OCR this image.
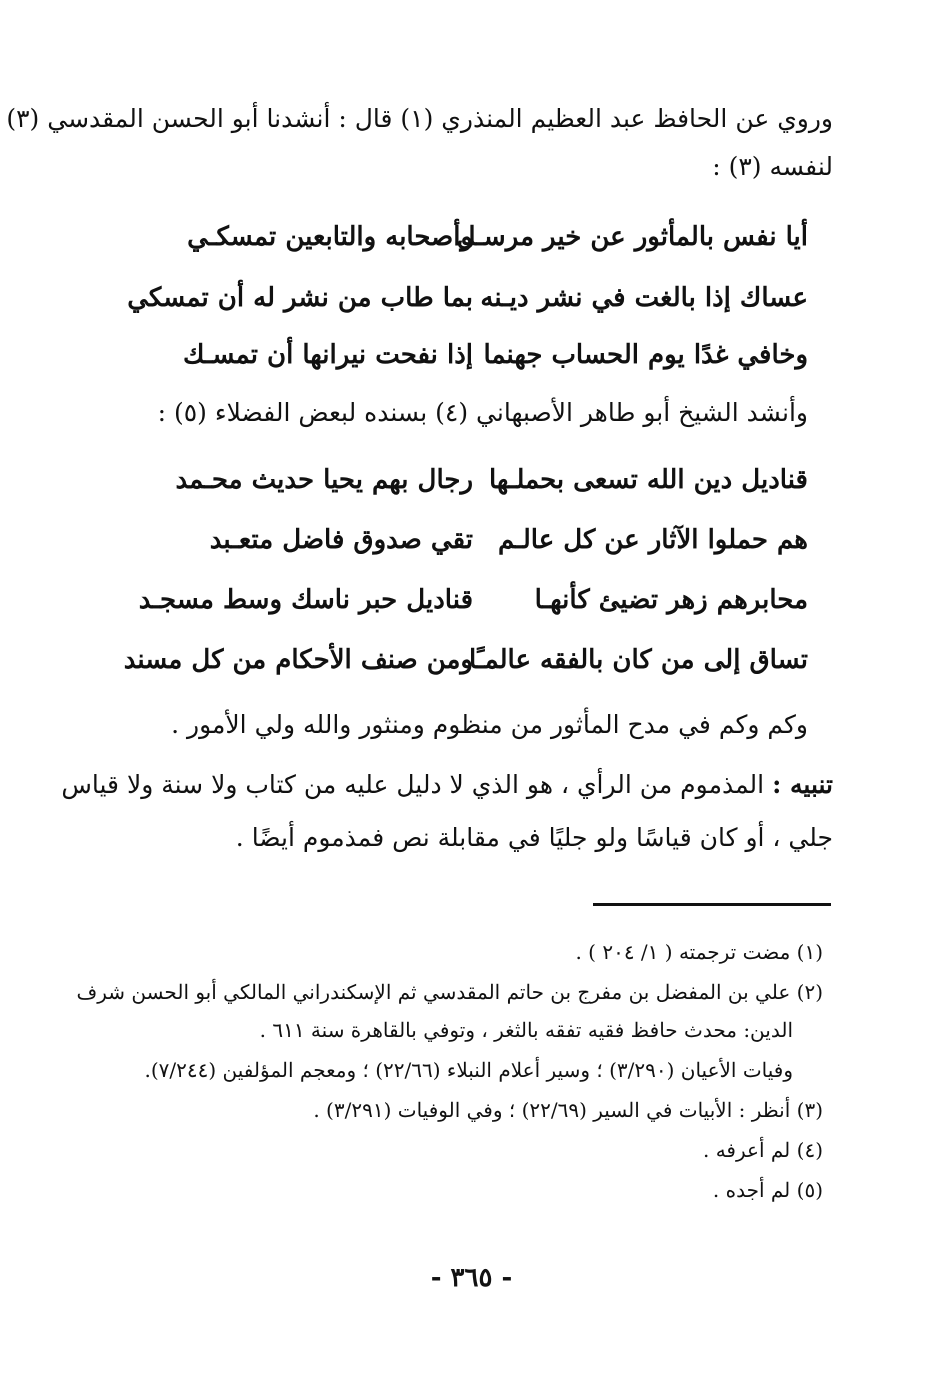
وروي عن الحافظ عبد العظيم المنذري (١) قال : أنشدنا أبو الحسن المقدسي (٣)
لنفسه (٣) :
أيا نفس بالمأثور عن خير مرسـل
وأصحابه والتابعين تمسكـي
عساك إذا بالغت في نشر ديـنه
بما طاب من نشر له أن تمسكي
وخافي غدًا يوم الحساب جهنما
إذا نفحت نيرانها أن تمسـك
وأنشد الشيخ أبو طاهر الأصبهاني (٤) بسنده لبعض الفضلاء (٥) :
قناديل دين الله تسعى بحملـها
رجال بهم يحيا حديث محـمد
هم حملوا الآثار عن كل عالـم
تقي صدوق فاضل متعـبد
محابرهم زهر تضيئ كأنهـا
قناديل حبر ناسك وسط مسجـد
تساق إلى من كان بالفقه عالمـًا
ومن صنف الأحكام من كل مسند
وكم وكم في مدح المأثور من منظوم ومنثور والله ولي الأمور .
تنبيه : المذموم من الرأي ، هو الذي لا دليل عليه من كتاب ولا سنة ولا قياس
جلي ، أو كان قياسًا ولو جليًا في مقابلة نص فمذموم أيضًا .
(١) مضت ترجمته ( ١/ ٢٠٤ ) .
(٢) علي بن المفضل بن مفرج بن حاتم المقدسي ثم الإسكندراني المالكي أبو الحسن شرف
الدين: محدث حافظ فقيه تفقه بالثغر ، وتوفي بالقاهرة سنة ٦١١ .
وفيات الأعيان (٣/٢٩٠) ؛ وسير أعلام النبلاء (٢٢/٦٦) ؛ ومعجم المؤلفين (٧/٢٤٤).
(٣) أنظر : الأبيات في السير (٢٢/٦٩) ؛ وفي الوفيات (٣/٢٩١) .
(٤) لم أعرفه .
(٥) لم أجده .
- ٣٦٥ -
